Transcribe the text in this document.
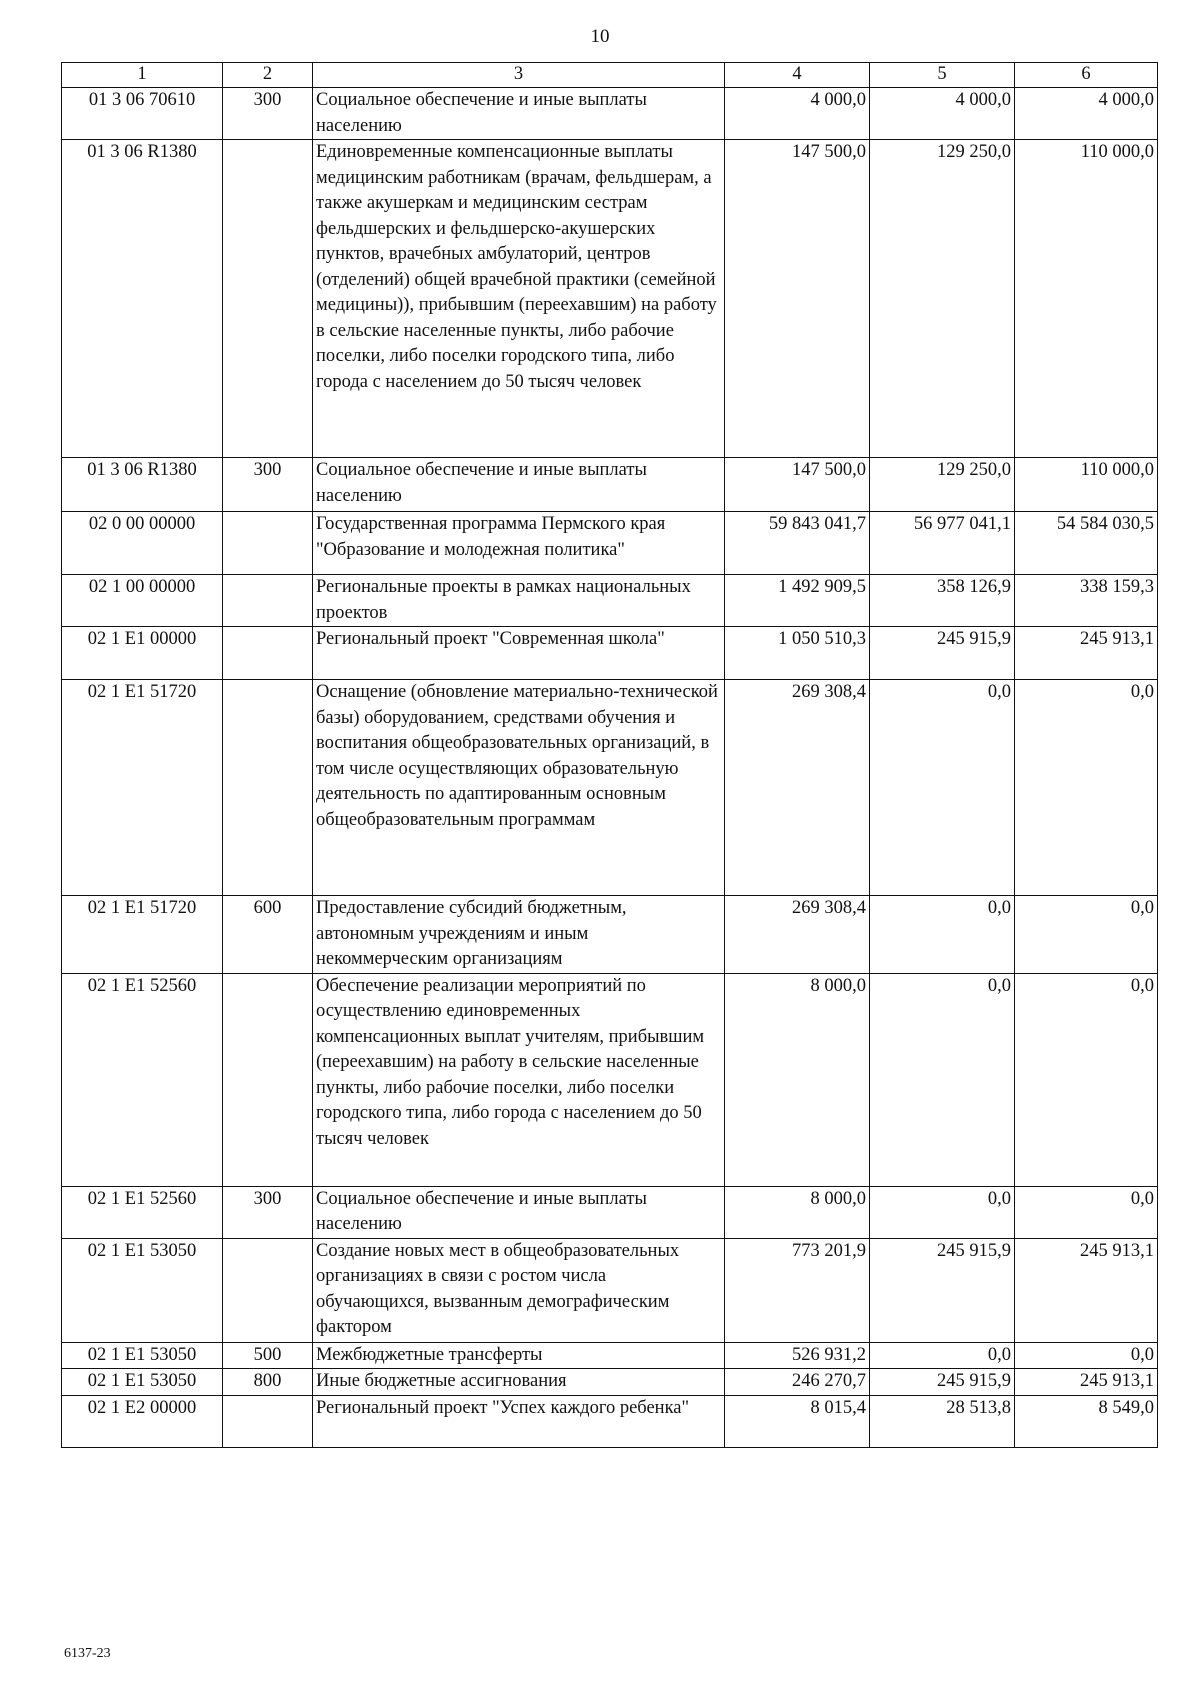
10
1	2	3	4	5	6
01 3 06 70610	300	Социальное обеспечение и иные выплаты населению	4 000,0	4 000,0	4 000,0
01 3 06 R1380		Единовременные компенсационные выплаты медицинским работникам (врачам, фельдшерам, а также акушеркам и медицинским сестрам фельдшерских и фельдшерско-акушерских пунктов, врачебных амбулаторий, центров (отделений) общей врачебной практики (семейной медицины)), прибывшим (переехавшим) на работу в сельские населенные пункты, либо рабочие поселки, либо поселки городского типа, либо города с населением до 50 тысяч человек	147 500,0	129 250,0	110 000,0
01 3 06 R1380	300	Социальное обеспечение и иные выплаты населению	147 500,0	129 250,0	110 000,0
02 0 00 00000		Государственная программа Пермского края "Образование и молодежная политика"	59 843 041,7	56 977 041,1	54 584 030,5
02 1 00 00000		Региональные проекты в рамках национальных проектов	1 492 909,5	358 126,9	338 159,3
02 1 E1 00000		Региональный проект "Современная школа"	1 050 510,3	245 915,9	245 913,1
02 1 E1 51720		Оснащение (обновление материально-технической базы) оборудованием, средствами обучения и воспитания общеобразовательных организаций, в том числе осуществляющих образовательную деятельность по адаптированным основным общеобразовательным программам	269 308,4	0,0	0,0
02 1 E1 51720	600	Предоставление субсидий бюджетным, автономным учреждениям и иным некоммерческим организациям	269 308,4	0,0	0,0
02 1 E1 52560		Обеспечение реализации мероприятий по осуществлению единовременных компенсационных выплат учителям, прибывшим (переехавшим) на работу в сельские населенные пункты, либо рабочие поселки, либо поселки городского типа, либо города с населением до 50 тысяч человек	8 000,0	0,0	0,0
02 1 E1 52560	300	Социальное обеспечение и иные выплаты населению	8 000,0	0,0	0,0
02 1 E1 53050		Создание новых мест в общеобразовательных организациях в связи с ростом числа обучающихся, вызванным демографическим фактором	773 201,9	245 915,9	245 913,1
02 1 E1 53050	500	Межбюджетные трансферты	526 931,2	0,0	0,0
02 1 E1 53050	800	Иные бюджетные ассигнования	246 270,7	245 915,9	245 913,1
02 1 E2 00000		Региональный проект "Успех каждого ребенка"	8 015,4	28 513,8	8 549,0
6137-23
